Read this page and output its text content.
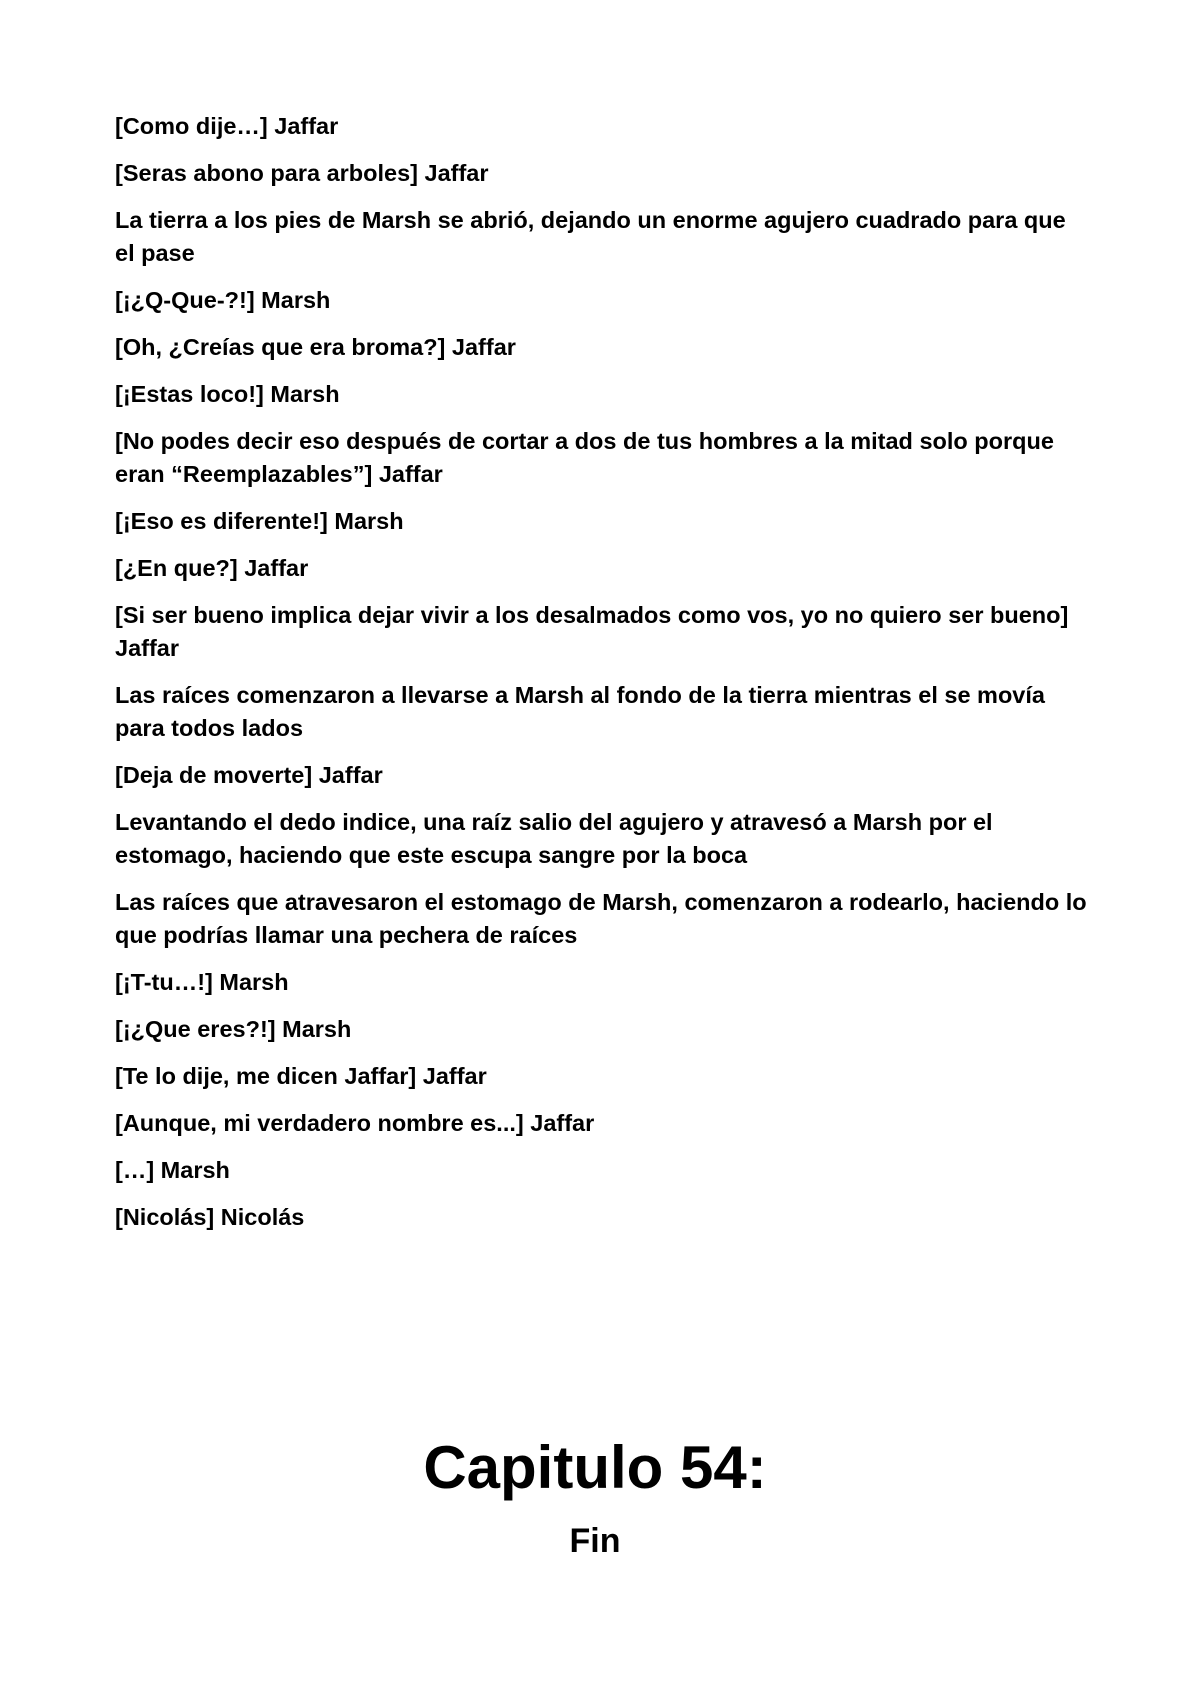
[Como dije…] Jaffar

[Seras abono para arboles] Jaffar

La tierra a los pies de Marsh se abrió, dejando un enorme agujero cuadrado para que el pase

[¡¿Q-Que-?!] Marsh

[Oh, ¿Creías que era broma?] Jaffar

[¡Estas loco!] Marsh

[No podes decir eso después de cortar a dos de tus hombres a la mitad solo porque eran “Reemplazables”] Jaffar

[¡Eso es diferente!] Marsh

[¿En que?] Jaffar

[Si ser bueno implica dejar vivir a los desalmados como vos, yo no quiero ser bueno] Jaffar

Las raíces comenzaron a llevarse a Marsh al fondo de la tierra mientras el se movía para todos lados

[Deja de moverte] Jaffar

Levantando el dedo indice, una raíz salio del agujero y atravesó a Marsh por el estomago, haciendo que este escupa sangre por la boca

Las raíces que atravesaron el estomago de Marsh, comenzaron a rodearlo, haciendo lo que podrías llamar una pechera de raíces

[¡T-tu…!] Marsh

[¡¿Que eres?!] Marsh

[Te lo dije, me dicen Jaffar] Jaffar

[Aunque, mi verdadero nombre es...] Jaffar

[…] Marsh

[Nicolás] Nicolás

Capitulo 54:
Fin
